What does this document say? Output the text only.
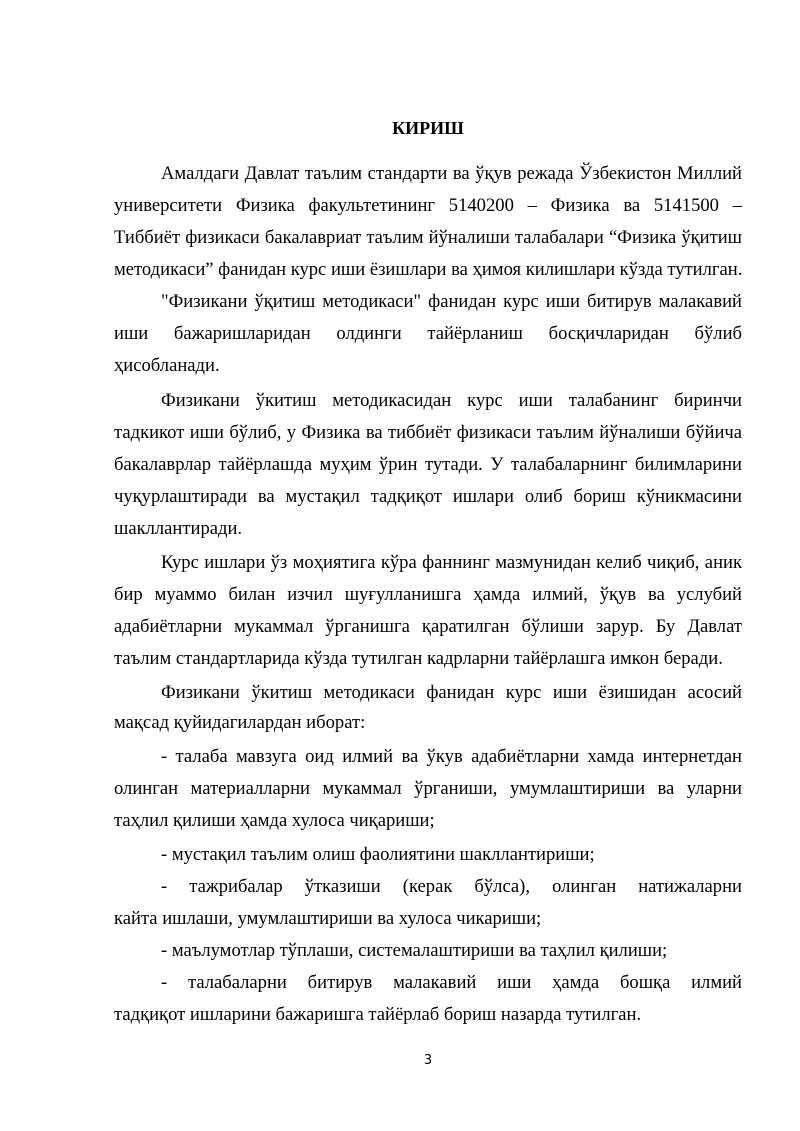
КИРИШ
Амалдаги Давлат таълим стандарти ва ўқув режада Ўзбекистон Миллий
университети Физика факультетининг 5140200 – Физика ва 5141500 –
Тиббиёт физикаси бакалавриат таълим йўналиши талабалари “Физика ўқитиш
методикаси” фанидан курс иши ёзишлари ва ҳимоя килишлари кўзда тутилган.
"Физикани ўқитиш методикаси" фанидан курс иши битирув малакавий
иши бажаришларидан олдинги тайёрланиш босқичларидан бўлиб
ҳисобланади.
Физикани ўкитиш методикасидан курс иши талабанинг биринчи
тадкикот иши бўлиб, у Физика ва тиббиёт физикаси таълим йўналиши бўйича
бакалаврлар тайёрлашда муҳим ўрин тутади. У талабаларнинг билимларини
чуқурлаштиради ва мустақил тадқиқот ишлари олиб бориш кўникмасини
шакллантиради.
Курс ишлари ўз моҳиятига кўра фаннинг мазмунидан келиб чиқиб, аник
бир муаммо билан изчил шуғулланишга ҳамда илмий, ўқув ва услубий
адабиётларни мукаммал ўрганишга қаратилган бўлиши зарур. Бу Давлат
таълим стандартларида кўзда тутилган кадрларни тайёрлашга имкон беради.
Физикани ўкитиш методикаси фанидан курс иши ёзишидан асосий
мақсад қуйидагилардан иборат:
- талаба мавзуга оид илмий ва ўкув адабиётларни хамда интернетдан
олинган материалларни мукаммал ўрганиши, умумлаштириши ва уларни
таҳлил қилиши ҳамда хулоса чиқариши;
- мустақил таълим олиш фаолиятини шакллантириши;
- тажрибалар ўтказиши (керак бўлса), олинган натижаларни
кайта ишлаши, умумлаштириши ва хулоса чикариши;
- маълумотлар тўплаши, системалаштириши ва таҳлил қилиши;
- талабаларни битирув малакавий иши ҳамда бошқа илмий
тадқиқот ишларини бажаришга тайёрлаб бориш назарда тутилган.
3
